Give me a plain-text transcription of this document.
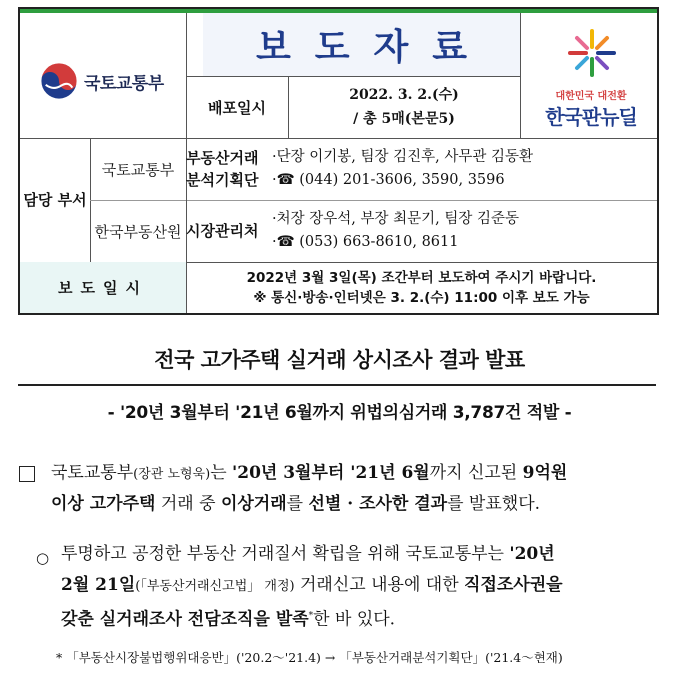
국토교통부
보도자료
배포일시
2022. 3. 2.(수)
/ 총 5매(본문5)
대한민국 대전환
한국판뉴딜
담당 부서
국토교통부
부동산거래
분석기획단
·단장 이기봉, 팀장 김진후, 사무관 김동환
·☎ (044) 201-3606, 3590, 3596
한국부동산원 시장관리처
·처장 장우석, 부장 최문기, 팀장 김준동
·☎ (053) 663-8610, 8611
보도일시
2022년 3월 3일(목) 조간부터 보도하여 주시기 바랍니다.
※ 통신·방송·인터넷은 3. 2.(수) 11:00 이후 보도 가능
전국 고가주택 실거래 상시조사 결과 발표
- '20년 3월부터 '21년 6월까지 위법의심거래 3,787건 적발 -
국토교통부(장관 노형욱)는 '20년 3월부터 '21년 6월까지 신고된 9억원
이상 고가주택 거래 중 이상거래를 선별 · 조사한 결과를 발표했다.
○ 투명하고 공정한 부동산 거래질서 확립을 위해 국토교통부는 '20년
2월 21일(「부동산거래신고법」 개정) 거래신고 내용에 대한 직접조사권을
갖춘 실거래조사 전담조직을 발족*한 바 있다.
* 「부동산시장불법행위대응반」('20.2～'21.4) → 「부동산거래분석기획단」('21.4～현재)
